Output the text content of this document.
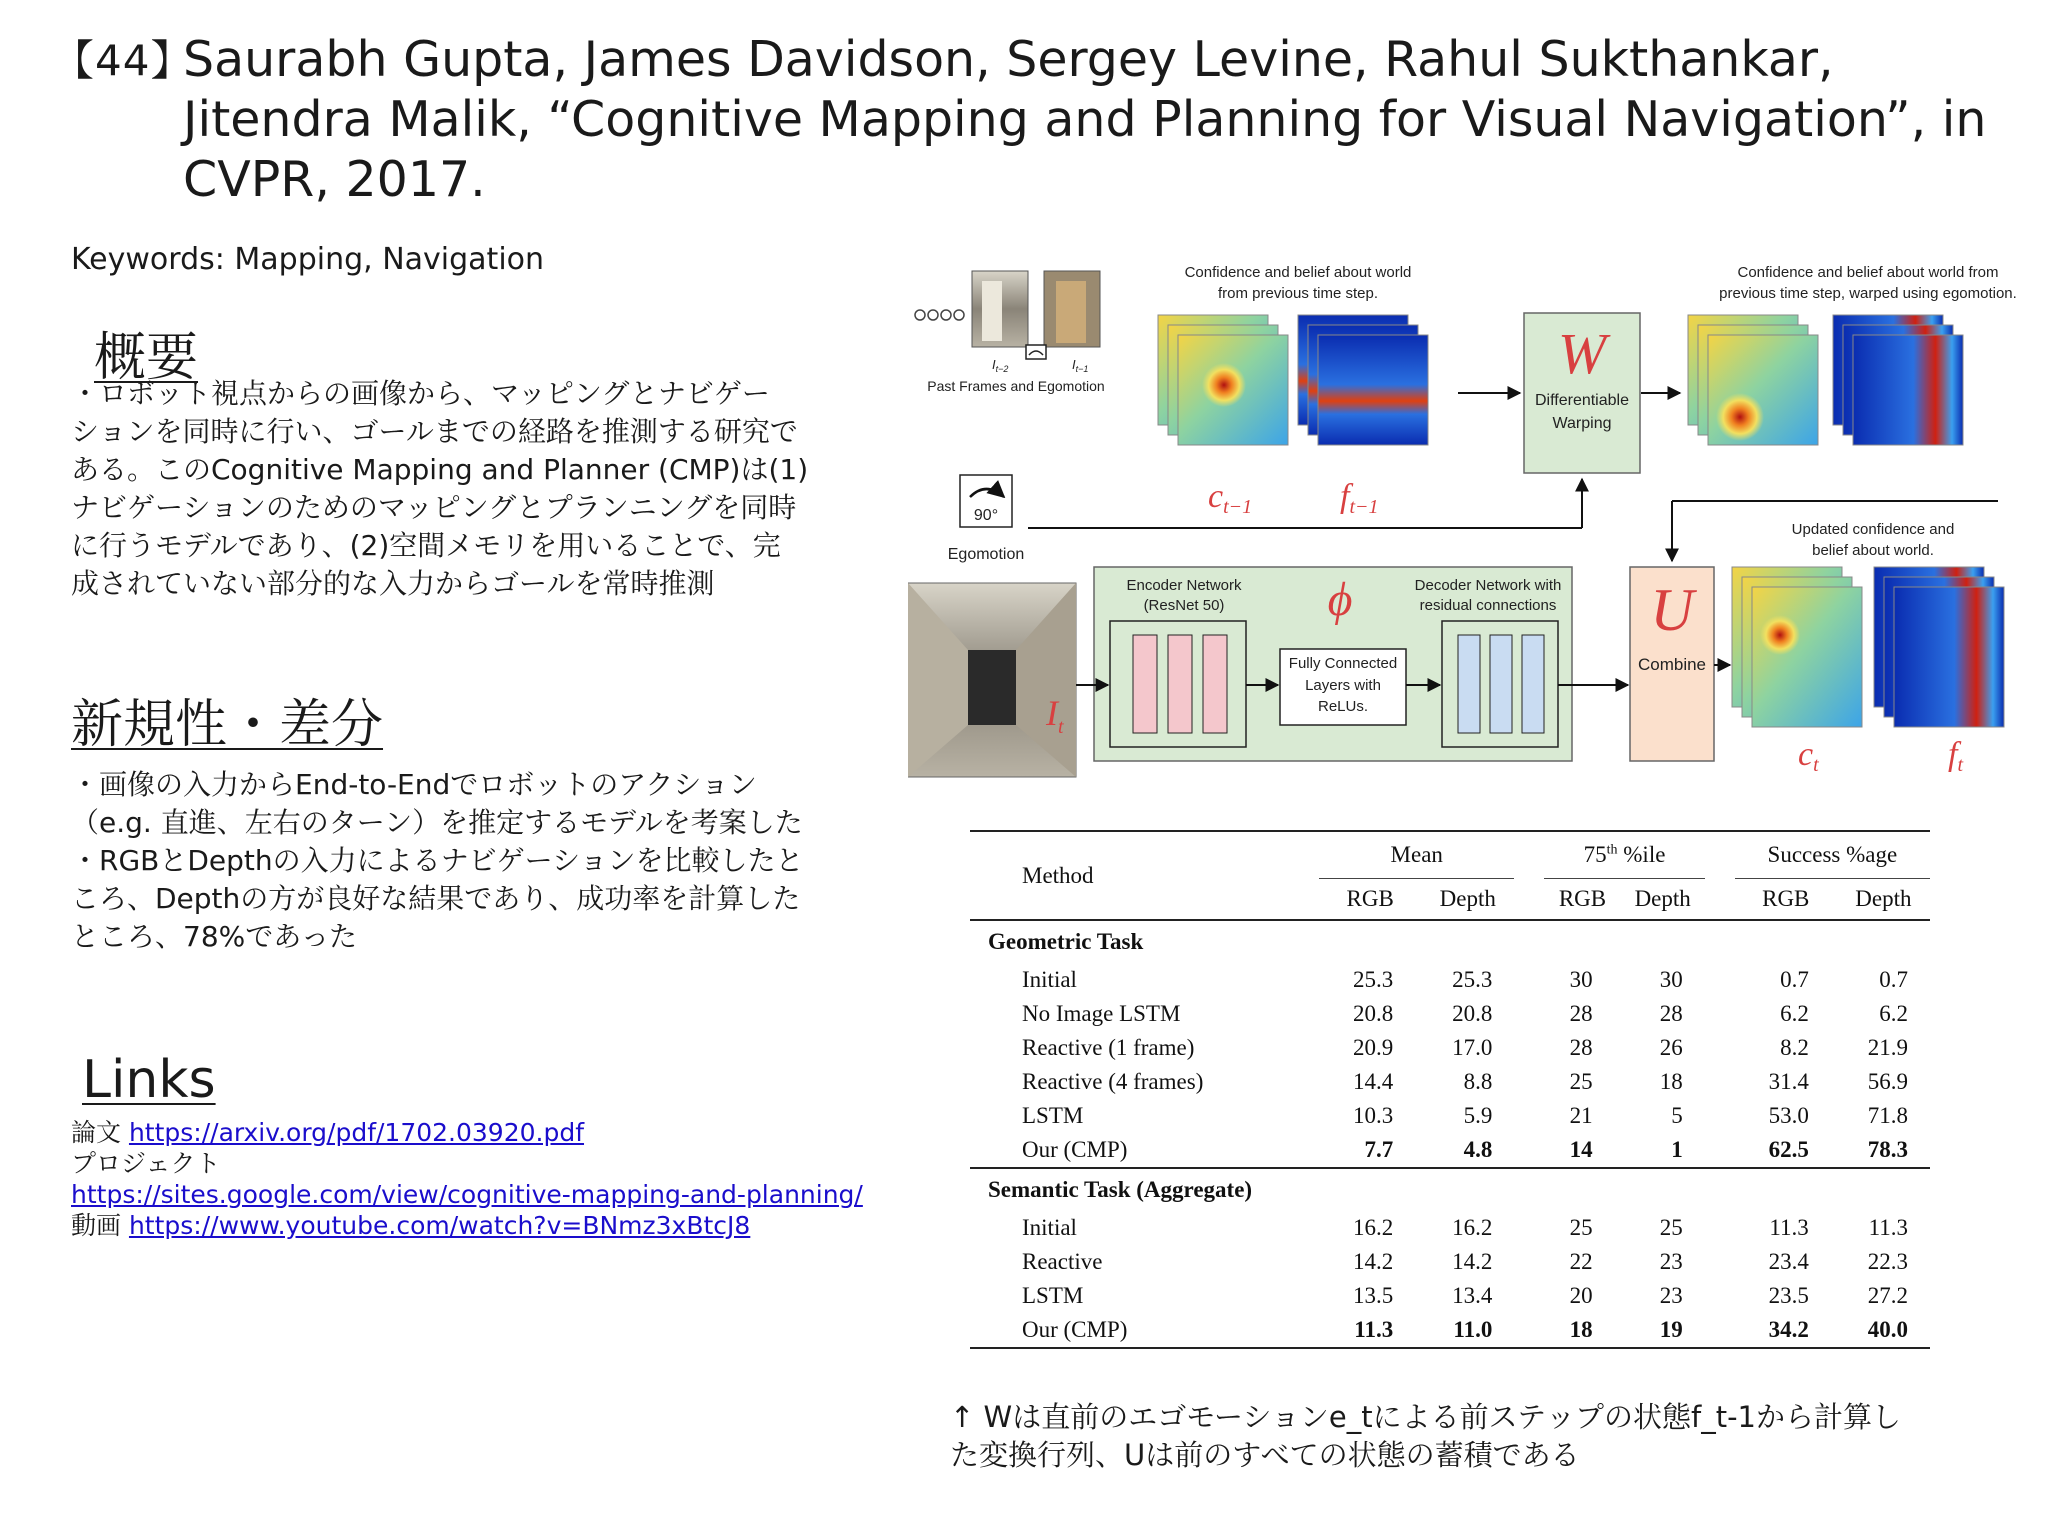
【44】
Saurabh Gupta, James Davidson, Sergey Levine, Rahul Sukthankar,
Jitendra Malik, “Cognitive Mapping and Planning for Visual Navigation”, in
CVPR, 2017.
Keywords: Mapping, Navigation
概要
・ロボット視点からの画像から、マッピングとナビゲー
ションを同時に行い、ゴールまでの経路を推測する研究で
ある。このCognitive Mapping and Planner (CMP)は(1)
ナビゲーションのためのマッピングとプランニングを同時
に行うモデルであり、(2)空間メモリを用いることで、完
成されていない部分的な入力からゴールを常時推測
新規性・差分
・画像の入力からEnd-to-Endでロボットのアクション
（e.g. 直進、左右のターン）を推定するモデルを考案した
・RGBとDepthの入力によるナビゲーションを比較したと
ころ、Depthの方が良好な結果であり、成功率を計算した
ところ、78%であった
Links
論文 https://arxiv.org/pdf/1702.03920.pdf
プロジェクト
https://sites.google.com/view/cognitive-mapping-and-planning/
動画 https://www.youtube.com/watch?v=BNmz3xBtcJ8
$I_{t-2}$	$I_{t-1}$
Past Frames and Egomotion
90°
Egomotion
$I_t$
Confidence and belief about world
from previous time step.
ct−1	ft−1
W
Differentiable
Warping
Confidence and belief about world from
previous time step, warped using egomotion.
Encoder Network
(ResNet 50) ϕ	Decoder Network with
residual connections
Fully Connected
Layers with
ReLUs.
U
Combine
Updated confidence and
belief about world.
ct	ft
Method	Mean			75th %ile			Success %age	
	RGB	Depth		RGB	Depth		RGB	Depth
Geometric Task								
Initial	25.3	25.3		30	30		0.7	0.7
No Image LSTM	20.8	20.8		28	28		6.2	6.2
Reactive (1 frame)	20.9	17.0		28	26		8.2	21.9
Reactive (4 frames)	14.4	8.8		25	18		31.4	56.9
LSTM	10.3	5.9		21	5		53.0	71.8
Our (CMP)	7.7	4.8		14	1		62.5	78.3
Semantic Task (Aggregate)								
Initial	16.2	16.2		25	25		11.3	11.3
Reactive	14.2	14.2		22	23		23.4	22.3
LSTM	13.5	13.4		20	23		23.5	27.2
Our (CMP)	11.3	11.0		18	19		34.2	40.0
↑ Wは直前のエゴモーションe_tによる前ステップの状態f_t-1から計算し
た変換行列、Uは前のすべての状態の蓄積である
